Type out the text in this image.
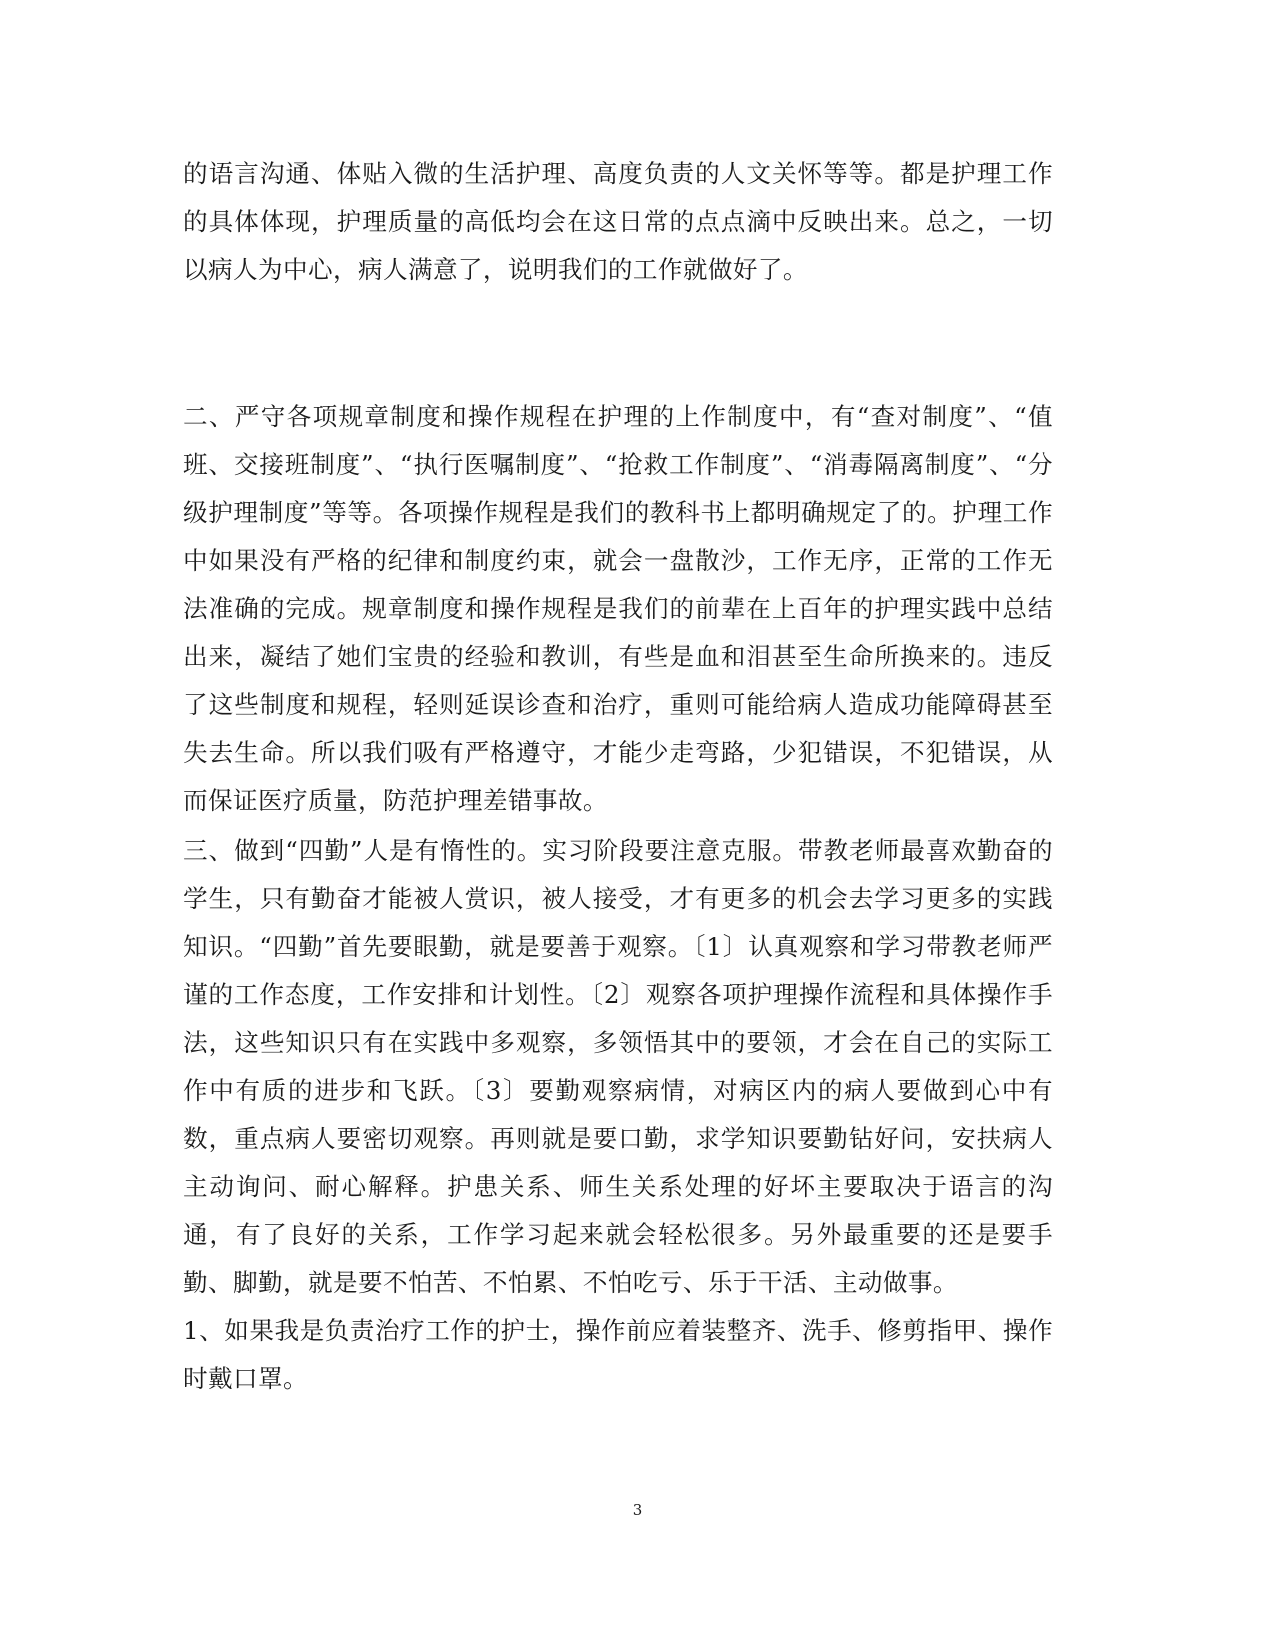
的语言沟通、体贴入微的生活护理、高度负责的人文关怀等等。都是护理工作的具体体现，护理质量的高低均会在这日常的点点滴中反映出来。总之，一切以病人为中心，病人满意了，说明我们的工作就做好了。

二、严守各项规章制度和操作规程在护理的上作制度中，有“查对制度”、“值班、交接班制度”、“执行医嘱制度”、“抢救工作制度”、“消毒隔离制度”、“分级护理制度”等等。各项操作规程是我们的教科书上都明确规定了的。护理工作中如果没有严格的纪律和制度约束，就会一盘散沙，工作无序，正常的工作无法准确的完成。规章制度和操作规程是我们的前辈在上百年的护理实践中总结出来，凝结了她们宝贵的经验和教训，有些是血和泪甚至生命所换来的。违反了这些制度和规程，轻则延误诊查和治疗，重则可能给病人造成功能障碍甚至失去生命。所以我们吸有严格遵守，才能少走弯路，少犯错误，不犯错误，从而保证医疗质量，防范护理差错事故。

三、做到“四勤”人是有惰性的。实习阶段要注意克服。带教老师最喜欢勤奋的学生，只有勤奋才能被人赏识，被人接受，才有更多的机会去学习更多的实践知识。“四勤”首先要眼勤，就是要善于观察。〔1〕认真观察和学习带教老师严谨的工作态度，工作安排和计划性。〔2〕观察各项护理操作流程和具体操作手法，这些知识只有在实践中多观察，多领悟其中的要领，才会在自己的实际工作中有质的进步和飞跃。〔3〕要勤观察病情，对病区内的病人要做到心中有数，重点病人要密切观察。再则就是要口勤，求学知识要勤钻好问，安扶病人主动询问、耐心解释。护患关系、师生关系处理的好坏主要取决于语言的沟通，有了良好的关系，工作学习起来就会轻松很多。另外最重要的还是要手勤、脚勤，就是要不怕苦、不怕累、不怕吃亏、乐于干活、主动做事。

1、如果我是负责治疗工作的护士，操作前应着装整齐、洗手、修剪指甲、操作时戴口罩。

3
